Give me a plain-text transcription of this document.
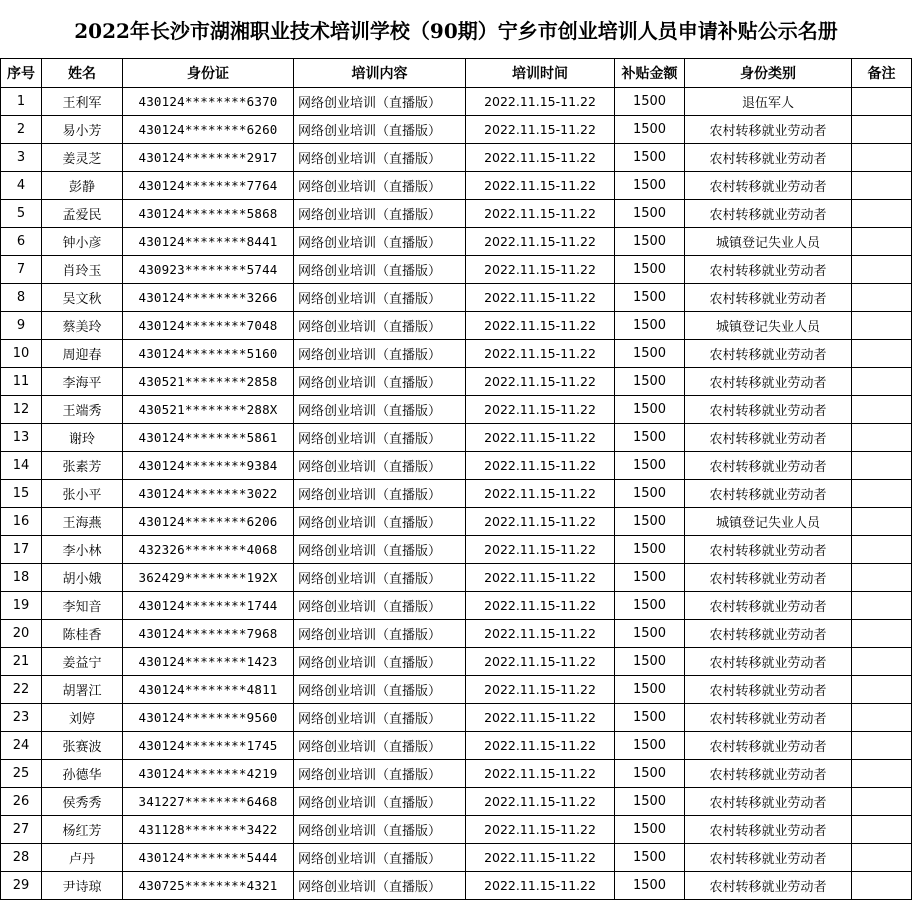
2022年长沙市湖湘职业技术培训学校（90期）宁乡市创业培训人员申请补贴公示名册
序号	姓名	身份证	培训内容	培训时间	补贴金额	身份类别	备注
1	王利军	430124********6370	网络创业培训（直播版）	2022.11.15-11.22	1500	退伍军人	
2	易小芳	430124********6260	网络创业培训（直播版）	2022.11.15-11.22	1500	农村转移就业劳动者	
3	姜灵芝	430124********2917	网络创业培训（直播版）	2022.11.15-11.22	1500	农村转移就业劳动者	
4	彭静	430124********7764	网络创业培训（直播版）	2022.11.15-11.22	1500	农村转移就业劳动者	
5	孟爱民	430124********5868	网络创业培训（直播版）	2022.11.15-11.22	1500	农村转移就业劳动者	
6	钟小彦	430124********8441	网络创业培训（直播版）	2022.11.15-11.22	1500	城镇登记失业人员	
7	肖玲玉	430923********5744	网络创业培训（直播版）	2022.11.15-11.22	1500	农村转移就业劳动者	
8	吴文秋	430124********3266	网络创业培训（直播版）	2022.11.15-11.22	1500	农村转移就业劳动者	
9	蔡美玲	430124********7048	网络创业培训（直播版）	2022.11.15-11.22	1500	城镇登记失业人员	
10	周迎春	430124********5160	网络创业培训（直播版）	2022.11.15-11.22	1500	农村转移就业劳动者	
11	李海平	430521********2858	网络创业培训（直播版）	2022.11.15-11.22	1500	农村转移就业劳动者	
12	王端秀	430521********288X	网络创业培训（直播版）	2022.11.15-11.22	1500	农村转移就业劳动者	
13	谢玲	430124********5861	网络创业培训（直播版）	2022.11.15-11.22	1500	农村转移就业劳动者	
14	张素芳	430124********9384	网络创业培训（直播版）	2022.11.15-11.22	1500	农村转移就业劳动者	
15	张小平	430124********3022	网络创业培训（直播版）	2022.11.15-11.22	1500	农村转移就业劳动者	
16	王海燕	430124********6206	网络创业培训（直播版）	2022.11.15-11.22	1500	城镇登记失业人员	
17	李小林	432326********4068	网络创业培训（直播版）	2022.11.15-11.22	1500	农村转移就业劳动者	
18	胡小娥	362429********192X	网络创业培训（直播版）	2022.11.15-11.22	1500	农村转移就业劳动者	
19	李知音	430124********1744	网络创业培训（直播版）	2022.11.15-11.22	1500	农村转移就业劳动者	
20	陈桂香	430124********7968	网络创业培训（直播版）	2022.11.15-11.22	1500	农村转移就业劳动者	
21	姜益宁	430124********1423	网络创业培训（直播版）	2022.11.15-11.22	1500	农村转移就业劳动者	
22	胡署江	430124********4811	网络创业培训（直播版）	2022.11.15-11.22	1500	农村转移就业劳动者	
23	刘婷	430124********9560	网络创业培训（直播版）	2022.11.15-11.22	1500	农村转移就业劳动者	
24	张赛波	430124********1745	网络创业培训（直播版）	2022.11.15-11.22	1500	农村转移就业劳动者	
25	孙德华	430124********4219	网络创业培训（直播版）	2022.11.15-11.22	1500	农村转移就业劳动者	
26	侯秀秀	341227********6468	网络创业培训（直播版）	2022.11.15-11.22	1500	农村转移就业劳动者	
27	杨红芳	431128********3422	网络创业培训（直播版）	2022.11.15-11.22	1500	农村转移就业劳动者	
28	卢丹	430124********5444	网络创业培训（直播版）	2022.11.15-11.22	1500	农村转移就业劳动者	
29	尹诗琼	430725********4321	网络创业培训（直播版）	2022.11.15-11.22	1500	农村转移就业劳动者	
